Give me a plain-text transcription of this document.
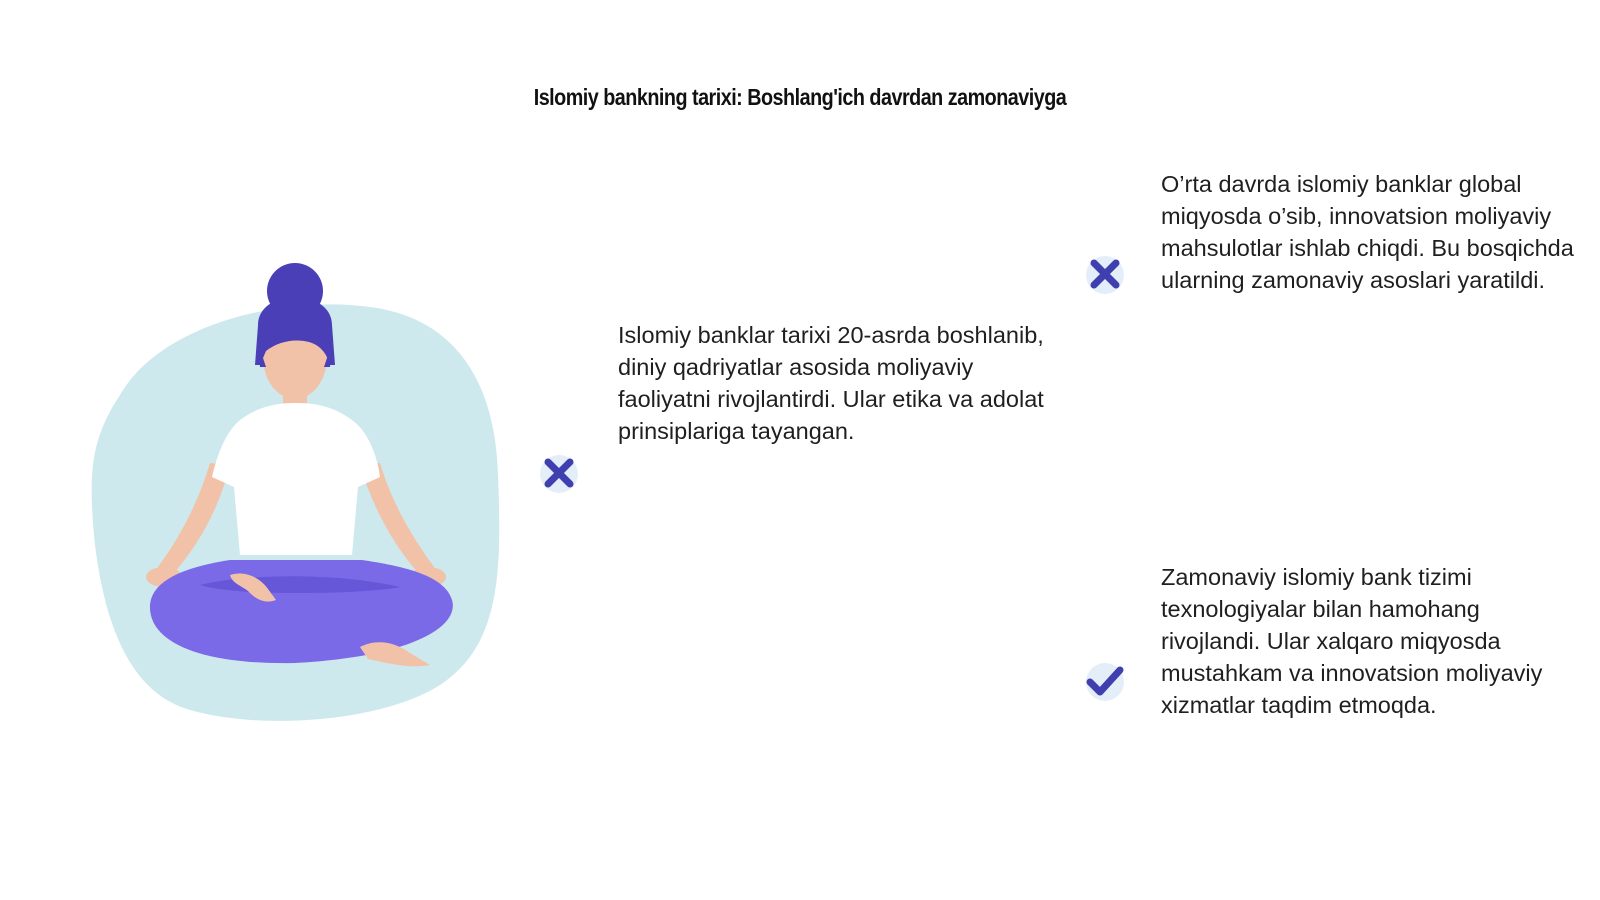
Islomiy bankning tarixi: Boshlang'ich davrdan zamonaviyga

Islomiy banklar tarixi 20-asrda boshlanib, diniy qadriyatlar asosida moliyaviy faoliyatni rivojlantirdi. Ular etika va adolat prinsiplariga tayangan.

O’rta davrda islomiy banklar global miqyosda o’sib, innovatsion moliyaviy mahsulotlar ishlab chiqdi. Bu bosqichda ularning zamonaviy asoslari yaratildi.

Zamonaviy islomiy bank tizimi texnologiyalar bilan hamohang rivojlandi. Ular xalqaro miqyosda mustahkam va innovatsion moliyaviy xizmatlar taqdim etmoqda.
